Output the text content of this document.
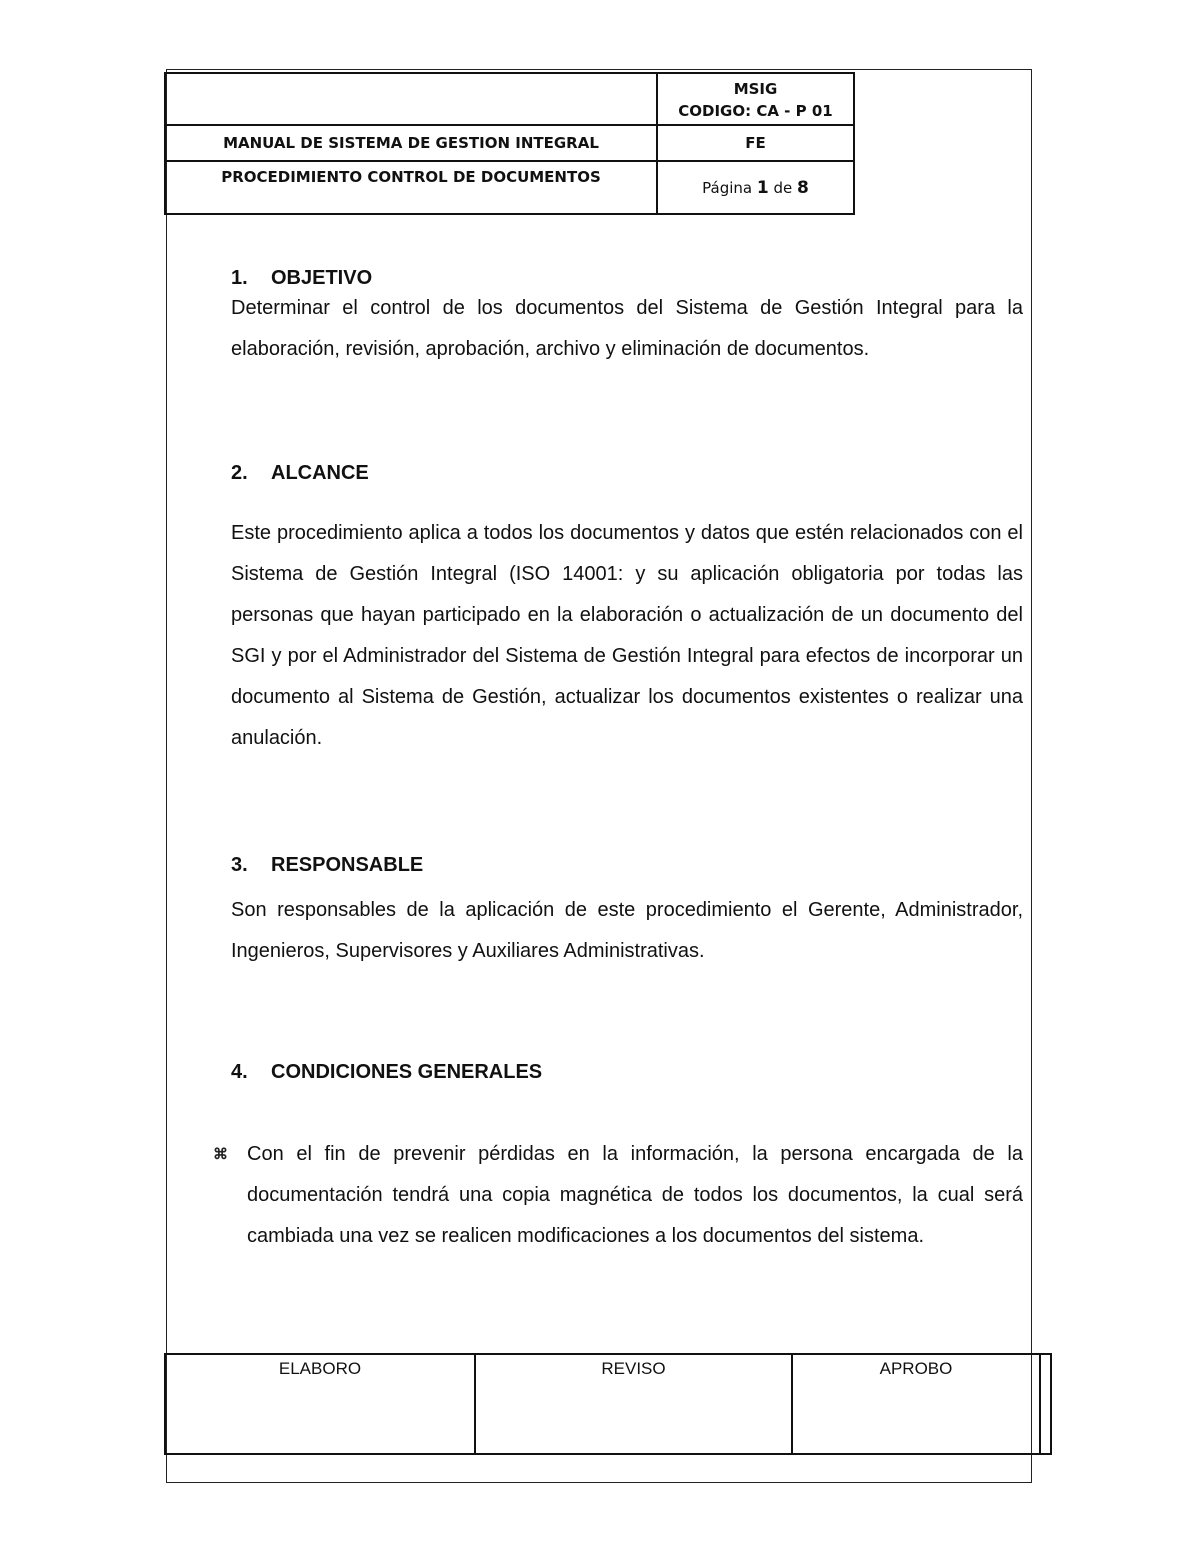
	MSIG
CODIGO: CA - P 01

MANUAL DE SISTEMA DE GESTION INTEGRAL	FE
PROCEDIMIENTO CONTROL DE DOCUMENTOS	Página 1 de 8
1.	OBJETIVO

Determinar el control de los documentos del Sistema de Gestión Integral para la elaboración, revisión, aprobación, archivo y eliminación de documentos.

2.	ALCANCE

Este procedimiento aplica a todos los documentos y datos que estén relacionados con el Sistema de Gestión Integral (ISO 14001: y su aplicación obligatoria por todas las personas que hayan participado en la elaboración o actualización de un documento del SGI y por el Administrador del Sistema de Gestión Integral para efectos de incorporar un documento al Sistema de Gestión, actualizar los documentos existentes o realizar una anulación.

3.	RESPONSABLE

Son responsables de la aplicación de este procedimiento el Gerente, Administrador, Ingenieros, Supervisores y Auxiliares Administrativas.

4.	CONDICIONES GENERALES
⌘ Con el fin de prevenir pérdidas en la información, la persona encargada de la documentación tendrá una copia magnética de todos los documentos, la cual será cambiada una vez se realicen modificaciones a los documentos del sistema.
ELABORO	REVISO	APROBO	
